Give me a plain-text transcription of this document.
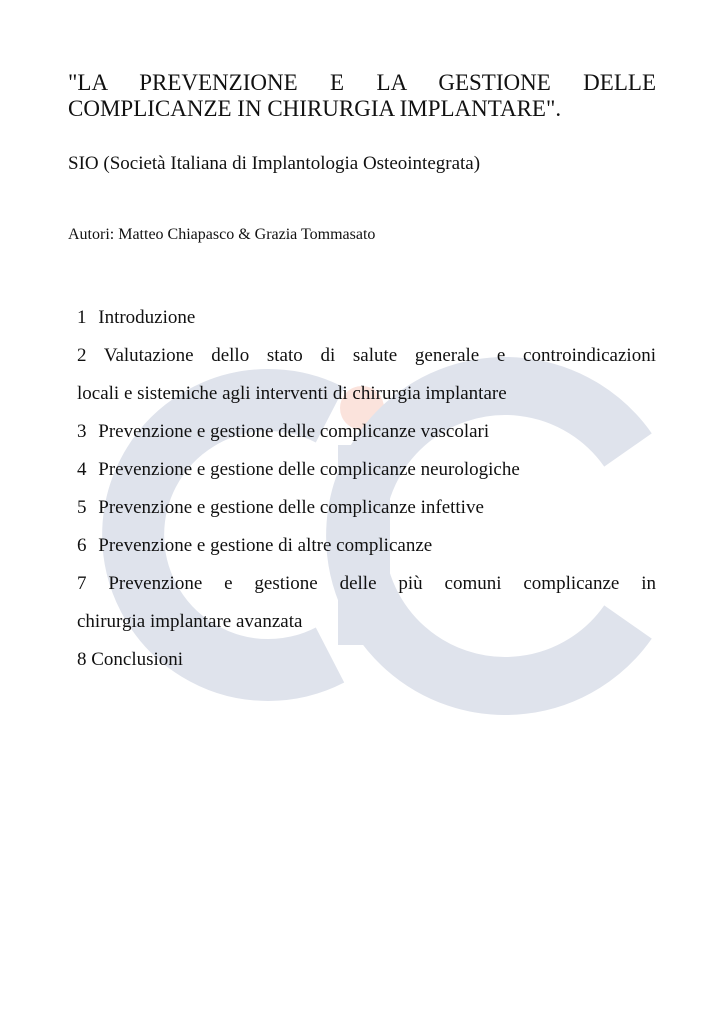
"LA PREVENZIONE E LA GESTIONE DELLE
COMPLICANZE IN CHIRURGIA IMPLANTARE".

SIO (Società Italiana di Implantologia Osteointegrata)

Autori: Matteo Chiapasco & Grazia Tommasato

1 Introduzione
2 Valutazione dello stato di salute generale e controindicazioni
locali e sistemiche agli interventi di chirurgia implantare
3 Prevenzione e gestione delle complicanze vascolari
4 Prevenzione e gestione delle complicanze neurologiche
5 Prevenzione e gestione delle complicanze infettive
6 Prevenzione e gestione di altre complicanze
7 Prevenzione e gestione delle più comuni complicanze in
chirurgia implantare avanzata
8 Conclusioni
